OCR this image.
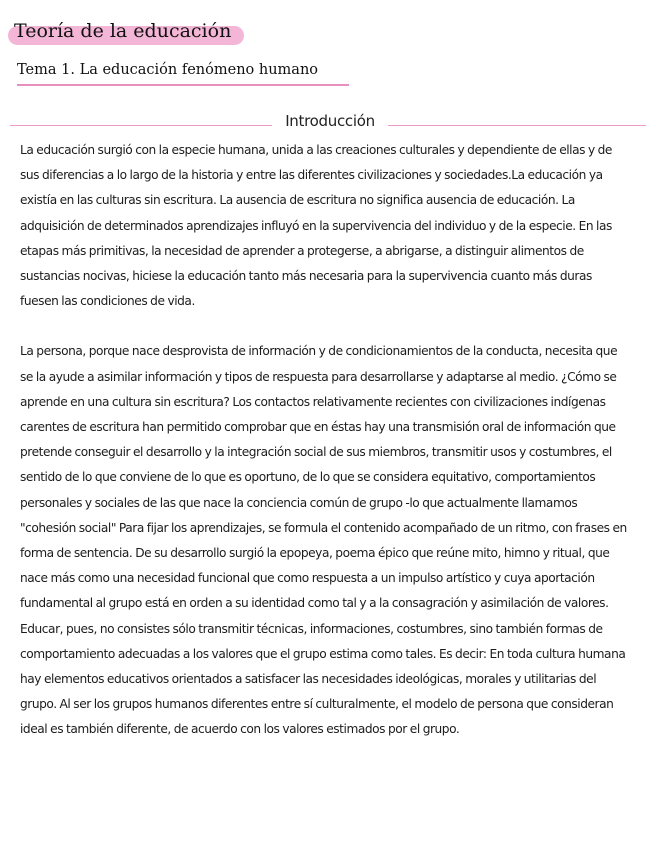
Teoría de la educación
Tema 1. La educación fenómeno humano
Introducción

La educación surgió con la especie humana, unida a las creaciones culturales y dependiente de ellas y de sus diferencias a lo largo de la historia y entre las diferentes civilizaciones y sociedades.La educación ya existía en las culturas sin escritura. La ausencia de escritura no significa ausencia de educación. La adquisición de determinados aprendizajes influyó en la supervivencia del individuo y de la especie. En las etapas más primitivas, la necesidad de aprender a protegerse, a abrigarse, a distinguir alimentos de sustancias nocivas, hiciese la educación tanto más necesaria para la supervivencia cuanto más duras fuesen las condiciones de vida.

La persona, porque nace desprovista de información y de condicionamientos de la conducta, necesita que se la ayude a asimilar información y tipos de respuesta para desarrollarse y adaptarse al medio. ¿Cómo se aprende en una cultura sin escritura? Los contactos relativamente recientes con civilizaciones indígenas carentes de escritura han permitido comprobar que en éstas hay una transmisión oral de información que pretende conseguir el desarrollo y la integración social de sus miembros, transmitir usos y costumbres, el sentido de lo que conviene de lo que es oportuno, de lo que se considera equitativo, comportamientos personales y sociales de las que nace la conciencia común de grupo -lo que actualmente llamamos "cohesión social" Para fijar los aprendizajes, se formula el contenido acompañado de un ritmo, con frases en forma de sentencia. De su desarrollo surgió la epopeya, poema épico que reúne mito, himno y ritual, que nace más como una necesidad funcional que como respuesta a un impulso artístico y cuya aportación fundamental al grupo está en orden a su identidad como tal y a la consagración y asimilación de valores. Educar, pues, no consistes sólo transmitir técnicas, informaciones, costumbres, sino también formas de comportamiento adecuadas a los valores que el grupo estima como tales. Es decir: En toda cultura humana hay elementos educativos orientados a satisfacer las necesidades ideológicas, morales y utilitarias del grupo. Al ser los grupos humanos diferentes entre sí culturalmente, el modelo de persona que consideran ideal es también diferente, de acuerdo con los valores estimados por el grupo.
